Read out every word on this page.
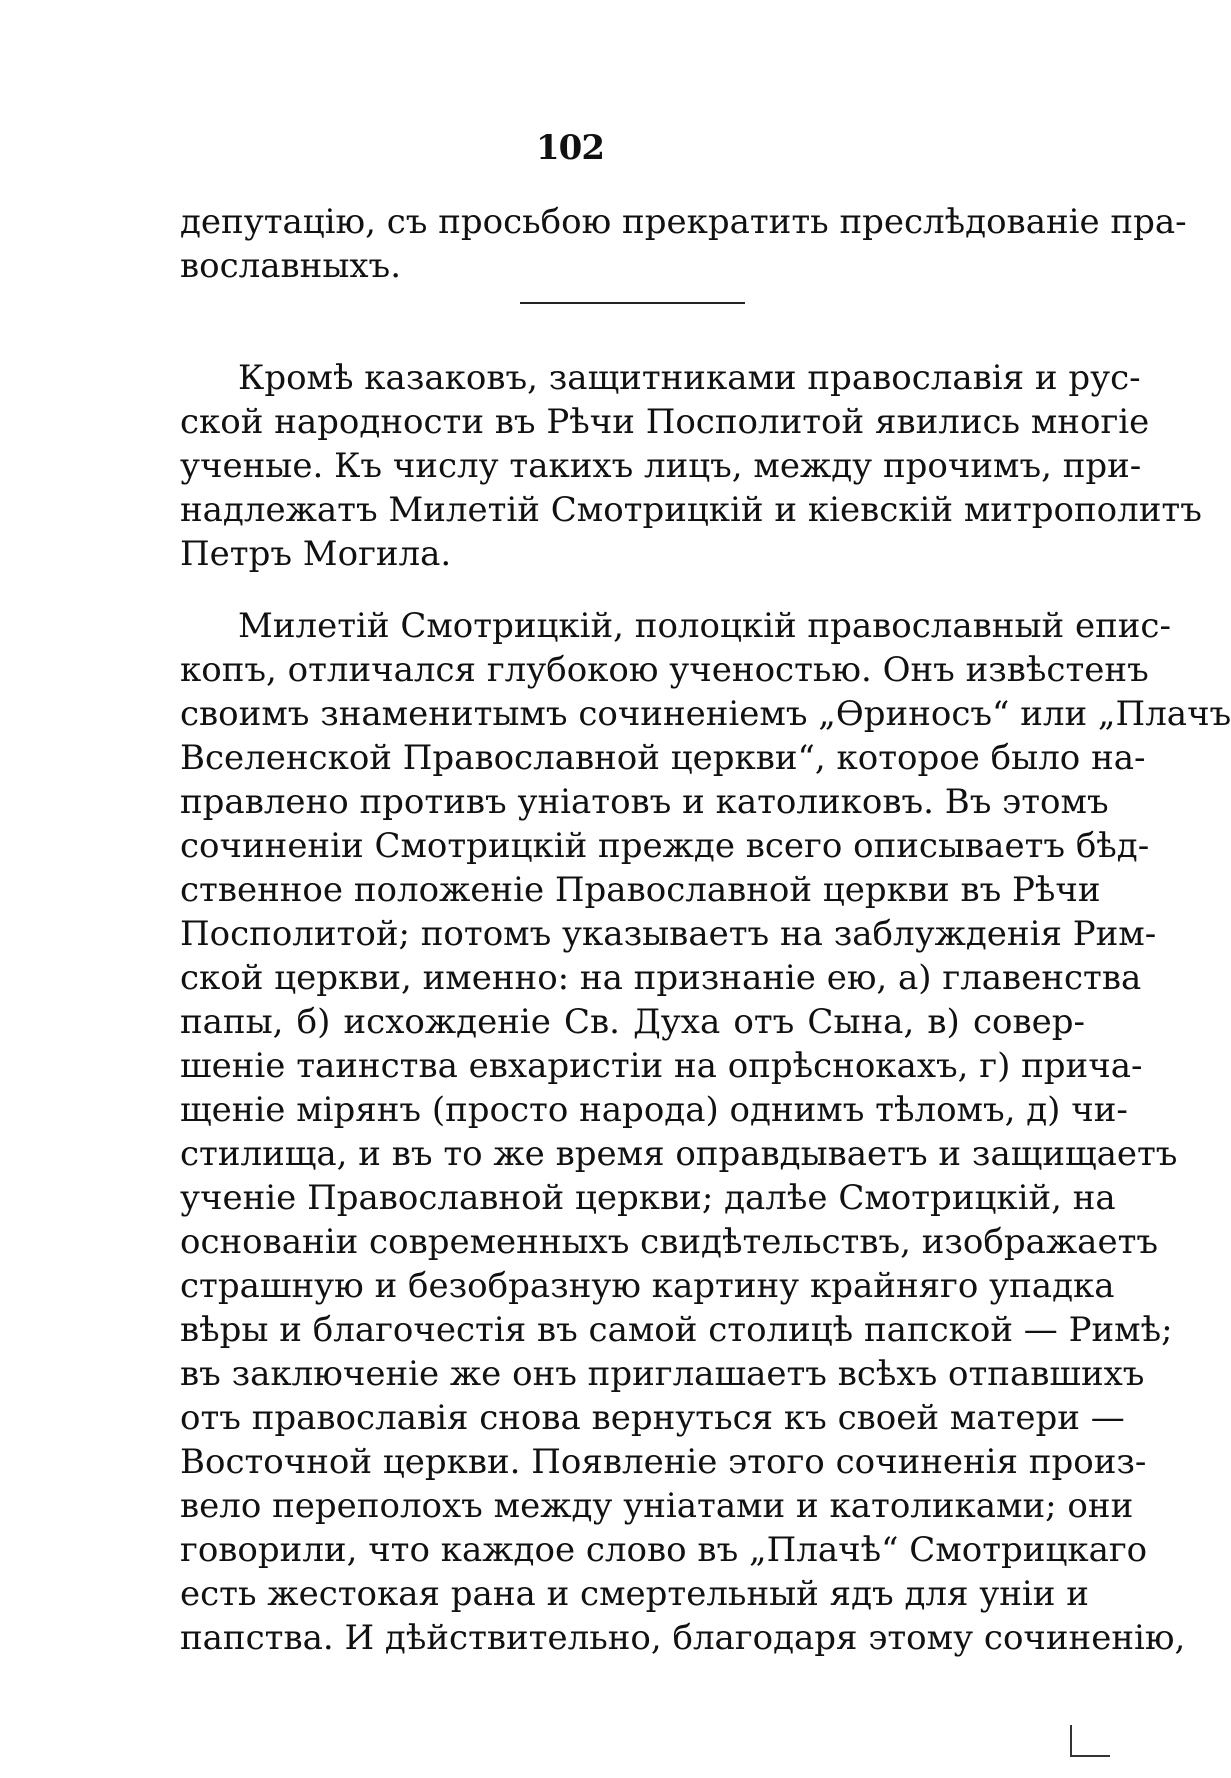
102
депутацію, съ просьбою прекратить преслѣдованіе пра-
вославныхъ.
Кромѣ казаковъ, защитниками православія и рус-
ской народности въ Рѣчи Посполитой явились многіе
ученые. Къ числу такихъ лицъ, между прочимъ, при-
надлежатъ Милетій Смотрицкій и кіевскій митрополитъ
Петръ Могила.
Милетій Смотрицкій, полоцкій православный епис-
копъ, отличался глубокою ученостью. Онъ извѣстенъ
своимъ знаменитымъ сочиненіемъ „Өриносъ“ или „Плачъ
Вселенской Православной церкви“, которое было на-
правлено противъ уніатовъ и католиковъ. Въ этомъ
сочиненіи Смотрицкій прежде всего описываетъ бѣд-
ственное положеніе Православной церкви въ Рѣчи
Посполитой; потомъ указываетъ на заблужденія Рим-
ской церкви, именно: на признаніе ею, а) главенства
папы, б) исхожденіе Св. Духа отъ Сына, в) совер-
шеніе таинства евхаристіи на опрѣснокахъ, г) прича-
щеніе мірянъ (просто народа) однимъ тѣломъ, д) чи-
стилища, и въ то же время оправдываетъ и защищаетъ
ученіе Православной церкви; далѣе Смотрицкій, на
основаніи современныхъ свидѣтельствъ, изображаетъ
страшную и безобразную картину крайняго упадка
вѣры и благочестія въ самой столицѣ папской — Римѣ;
въ заключеніе же онъ приглашаетъ всѣхъ отпавшихъ
отъ православія снова вернуться къ своей матери —
Восточной церкви. Появленіе этого сочиненія произ-
вело переполохъ между уніатами и католиками; они
говорили, что каждое слово въ „Плачѣ“ Смотрицкаго
есть жестокая рана и смертельный ядъ для уніи и
папства. И дѣйствительно, благодаря этому сочиненію,
